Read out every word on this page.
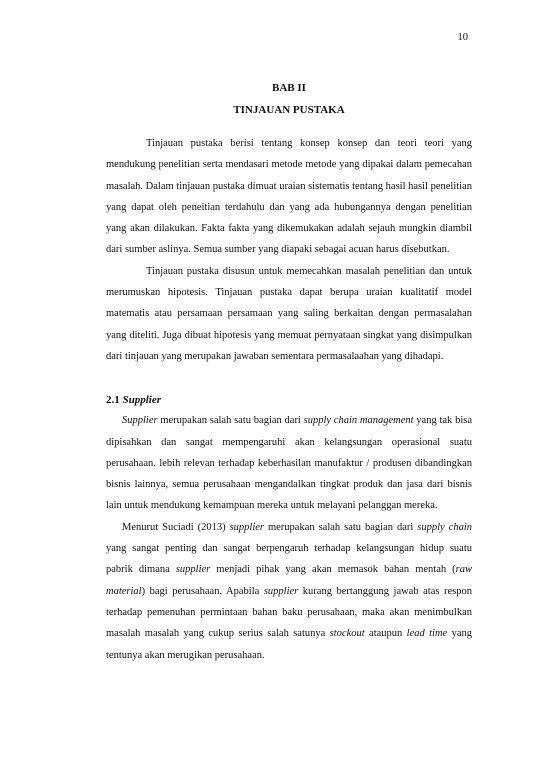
10

BAB II

TINJAUAN PUSTAKA

Tinjauan pustaka berisi tentang konsep konsep dan teori teori yang mendukung penelitian serta mendasari metode metode yang dipakai dalam pemecahan masalah. Dalam tinjauan pustaka dimuat uraian sistematis tentang hasil hasil penelitian yang dapat oleh peneitian terdahulu dan yang ada hubungannya dengan penelitian yang akan dilakukan. Fakta fakta yang dikemukakan adalah sejauh mungkin diambil dari sumber aslinya. Semua sumber yang diapaki sebagai acuan harus disebutkan.

Tinjauan pustaka disusun untuk memecahkan masalah penelitian dan untuk merumuskan hipotesis. Tinjauan pustaka dapat berupa uraian kualitatif model matematis atau persamaan persamaan yang saling berkaitan dengan permasalahan yang diteliti. Juga dibuat hipotesis yang memuat pernyataan singkat yang disimpulkan dari tinjauan yang merupakan jawaban sementara permasalaahan yang dihadapi.

2.1 Supplier

Supplier merupakan salah satu bagian dari supply chain management yang tak bisa dipisahkan dan sangat mempengaruhi akan kelangsungan operasional suatu perusahaan. lebih relevan terhadap keberhasilan manufaktur / produsen dibandingkan bisnis lainnya, semua perusahaan mengandalkan tingkat produk dan jasa dari bisnis lain untuk mendukung kemampuan mereka untuk melayani pelanggan mereka.

Menurut Suciadi (2013) supplier merupakan salah satu bagian dari supply chain yang sangat penting dan sangat berpengaruh terhadap kelangsungan hidup suatu pabrik dimana supplier menjadi pihak yang akan memasok bahan mentah (raw material) bagi perusahaan. Apabila supplier kurang bertanggung jawab atas respon terhadap pemenuhan permintaan bahan baku perusahaan, maka akan menimbulkan masalah masalah yang cukup serius salah satunya stockout ataupun lead time yang tentunya akan merugikan perusahaan.
